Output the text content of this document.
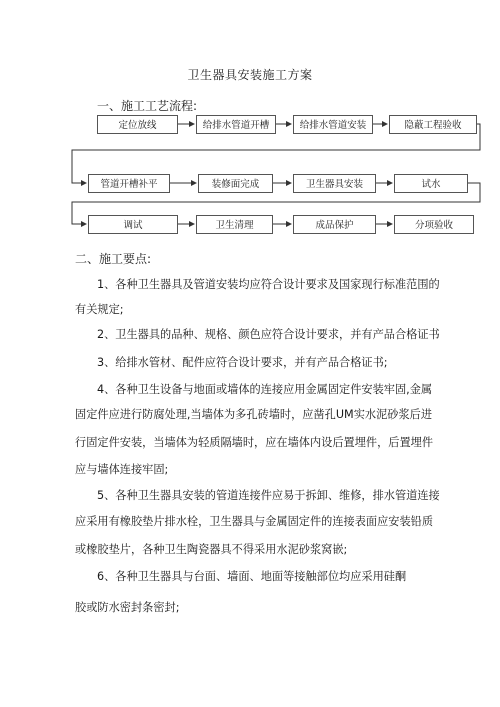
卫生器具安装施工方案
一、施工工艺流程:
定位放线	给排水管道开槽	给排水管道安装	隐蔽工程验收
管道开槽补平	装修面完成	卫生器具安装	试水
调试	卫生清理	成品保护	分项验收
二、施工要点:
1、各种卫生器具及管道安装均应符合设计要求及国家现行标准范围的
有关规定;
2、卫生器具的品种、规格、颜色应符合设计要求，并有产品合格证书
3、给排水管材、配件应符合设计要求，并有产品合格证书;
4、各种卫生设备与地面或墙体的连接应用金属固定件安装牢固,金属
固定件应进行防腐处理,当墙体为多孔砖墙时，应凿孔UM实水泥砂浆后进
行固定件安装，当墙体为轻质隔墙时，应在墙体内设后置埋件，后置埋件
应与墙体连接牢固;
5、各种卫生器具安装的管道连接件应易于拆卸、维修，排水管道连接
应采用有橡胶垫片排水栓，卫生器具与金属固定件的连接表面应安装铅质
或橡胶垫片，各种卫生陶瓷器具不得采用水泥砂浆窝嵌;
6、各种卫生器具与台面、墙面、地面等接触部位均应采用硅酮
胶或防水密封条密封;
